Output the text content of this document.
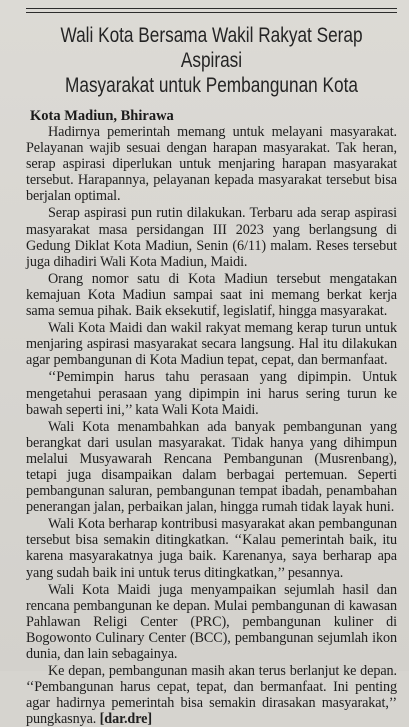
Wali Kota Bersama Wakil Rakyat Serap Aspirasi
Masyarakat untuk Pembangunan Kota
Kota Madiun, Bhirawa

Hadirnya pemerintah memang untuk melayani masyarakat. Pelayanan wajib sesuai dengan harapan masyarakat. Tak heran, serap aspirasi diperlukan untuk menjaring harapan masyarakat tersebut. Harapannya, pelayanan kepada masyarakat tersebut bisa berjalan optimal.

Serap aspirasi pun rutin dilakukan. Terbaru ada serap aspirasi masyarakat masa persidangan III 2023 yang berlangsung di Gedung Diklat Kota Madiun, Senin (6/11) malam. Reses tersebut juga dihadiri Wali Kota Madiun, Maidi.

Orang nomor satu di Kota Madiun tersebut mengatakan kemajuan Kota Madiun sampai saat ini memang berkat kerja sama semua pihak. Baik eksekutif, legislatif, hingga masyarakat.

Wali Kota Maidi dan wakil rakyat memang kerap turun untuk menjaring aspirasi masyarakat secara langsung. Hal itu dilakukan agar pembangunan di Kota Madiun tepat, cepat, dan bermanfaat.

‘‘Pemimpin harus tahu perasaan yang dipimpin. Untuk mengetahui perasaan yang dipimpin ini harus sering turun ke bawah seperti ini,’’ kata Wali Kota Maidi.

Wali Kota menambahkan ada banyak pembangunan yang berangkat dari usulan masyarakat. Tidak hanya yang dihimpun melalui Musyawarah Rencana Pembangunan (Musrenbang), tetapi juga disampaikan dalam berbagai pertemuan. Seperti pembangunan saluran, pembangunan tempat ibadah, penambahan penerangan jalan, perbaikan jalan, hingga rumah tidak layak huni.

Wali Kota berharap kontribusi masyarakat akan pembangunan tersebut bisa semakin ditingkatkan. ‘‘Kalau pemerintah baik, itu karena masyarakatnya juga baik. Karenanya, saya berharap apa yang sudah baik ini untuk terus ditingkatkan,’’ pesannya.

Wali Kota Maidi juga menyampaikan sejumlah hasil dan rencana pembangunan ke depan. Mulai pembangunan di kawasan Pahlawan Religi Center (PRC), pembangunan kuliner di Bogowonto Culinary Center (BCC), pembangunan sejumlah ikon dunia, dan lain sebagainya.

Ke depan, pembangunan masih akan terus berlanjut ke depan. ‘‘Pembangunan harus cepat, tepat, dan bermanfaat. Ini penting agar hadirnya pemerintah bisa semakin dirasakan masyarakat,’’ pungkasnya. [dar.dre]
